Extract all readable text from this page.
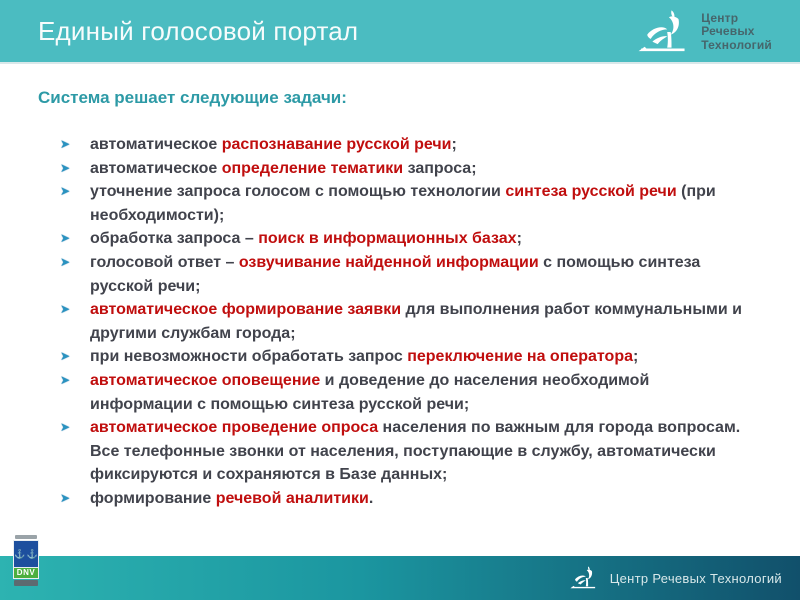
Единый голосовой портал	Центр
Речевых
Технологий
Система решает следующие задачи:
➤ автоматическое распознавание русской речи;
➤ автоматическое определение тематики запроса;
➤ уточнение запроса голосом с помощью технологии синтеза русской речи (при необходимости);
➤ обработка запроса – поиск в информационных базах;
➤ голосовой ответ – озвучивание найденной информации с помощью синтеза русской речи;
➤ автоматическое формирование заявки для выполнения работ коммунальными и другими службам города;
➤ при невозможности обработать запрос переключение на оператора;
➤ автоматическое оповещение и доведение до населения необходимой информации с помощью синтеза русской речи;
➤ автоматическое проведение опроса населения по важным для города вопросам. Все телефонные звонки от населения, поступающие в службу, автоматически фиксируются и сохраняются в Базе данных;
➤ формирование речевой аналитики.
Центр Речевых Технологий
⚓ ⚓
DNV
